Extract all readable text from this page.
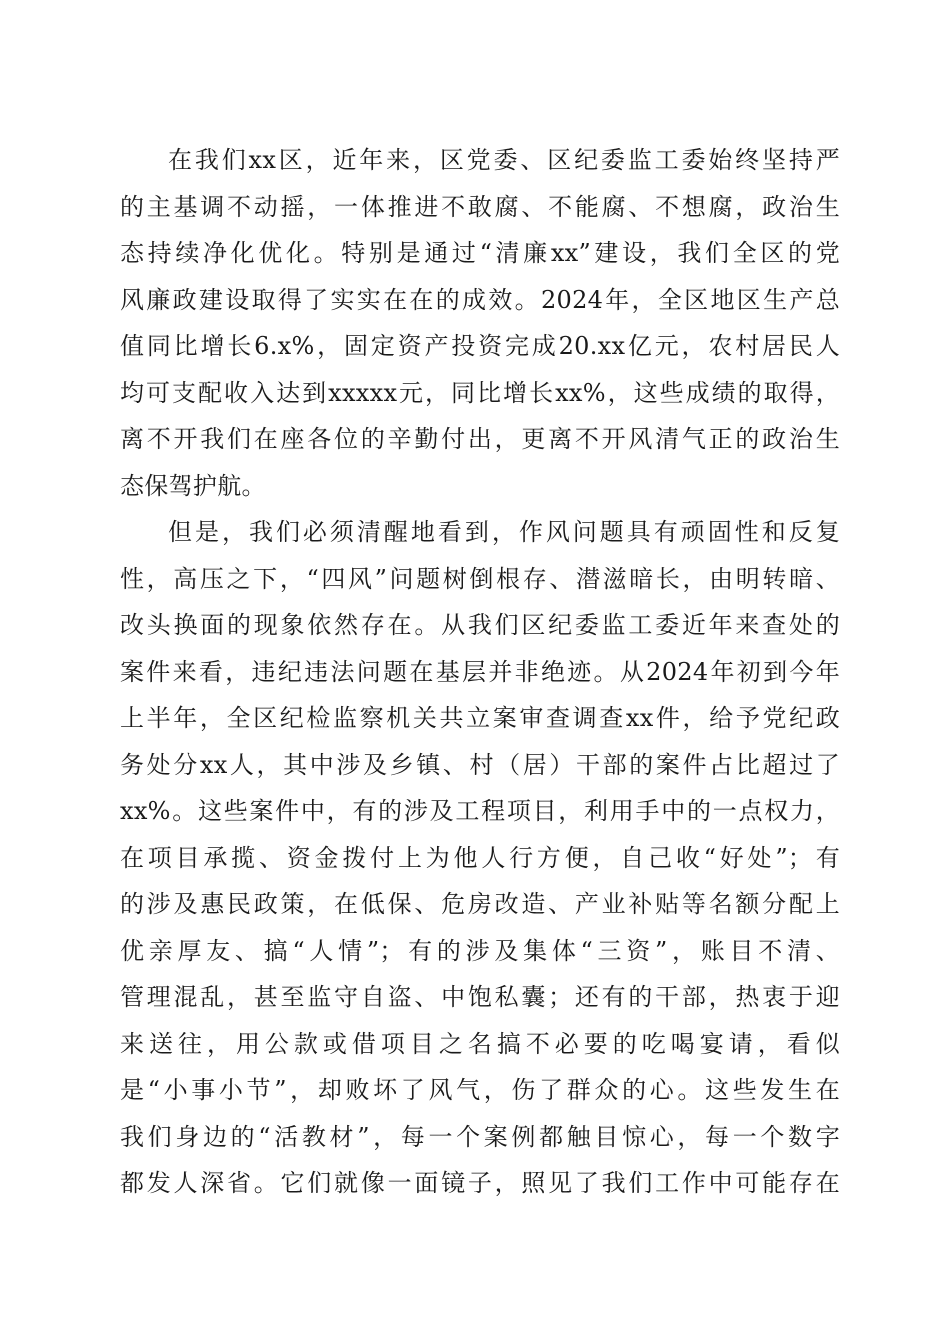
在我们xx区，近年来，区党委、区纪委监工委始终坚持严
的主基调不动摇，一体推进不敢腐、不能腐、不想腐，政治生
态持续净化优化。特别是通过“清廉xx”建设，我们全区的党
风廉政建设取得了实实在在的成效。2024年，全区地区生产总
值同比增长6.x%，固定资产投资完成20.xx亿元，农村居民人
均可支配收入达到xxxxx元，同比增长xx%，这些成绩的取得，
离不开我们在座各位的辛勤付出，更离不开风清气正的政治生
态保驾护航。
但是，我们必须清醒地看到，作风问题具有顽固性和反复
性，高压之下，“四风”问题树倒根存、潜滋暗长，由明转暗、
改头换面的现象依然存在。从我们区纪委监工委近年来查处的
案件来看，违纪违法问题在基层并非绝迹。从2024年初到今年
上半年，全区纪检监察机关共立案审查调查xx件，给予党纪政
务处分xx人，其中涉及乡镇、村（居）干部的案件占比超过了
xx%。这些案件中，有的涉及工程项目，利用手中的一点权力，
在项目承揽、资金拨付上为他人行方便，自己收“好处”；有
的涉及惠民政策，在低保、危房改造、产业补贴等名额分配上
优亲厚友、搞“人情”；有的涉及集体“三资”，账目不清、
管理混乱，甚至监守自盗、中饱私囊；还有的干部，热衷于迎
来送往，用公款或借项目之名搞不必要的吃喝宴请，看似
是“小事小节”，却败坏了风气，伤了群众的心。这些发生在
我们身边的“活教材”，每一个案例都触目惊心，每一个数字
都发人深省。它们就像一面镜子，照见了我们工作中可能存在
